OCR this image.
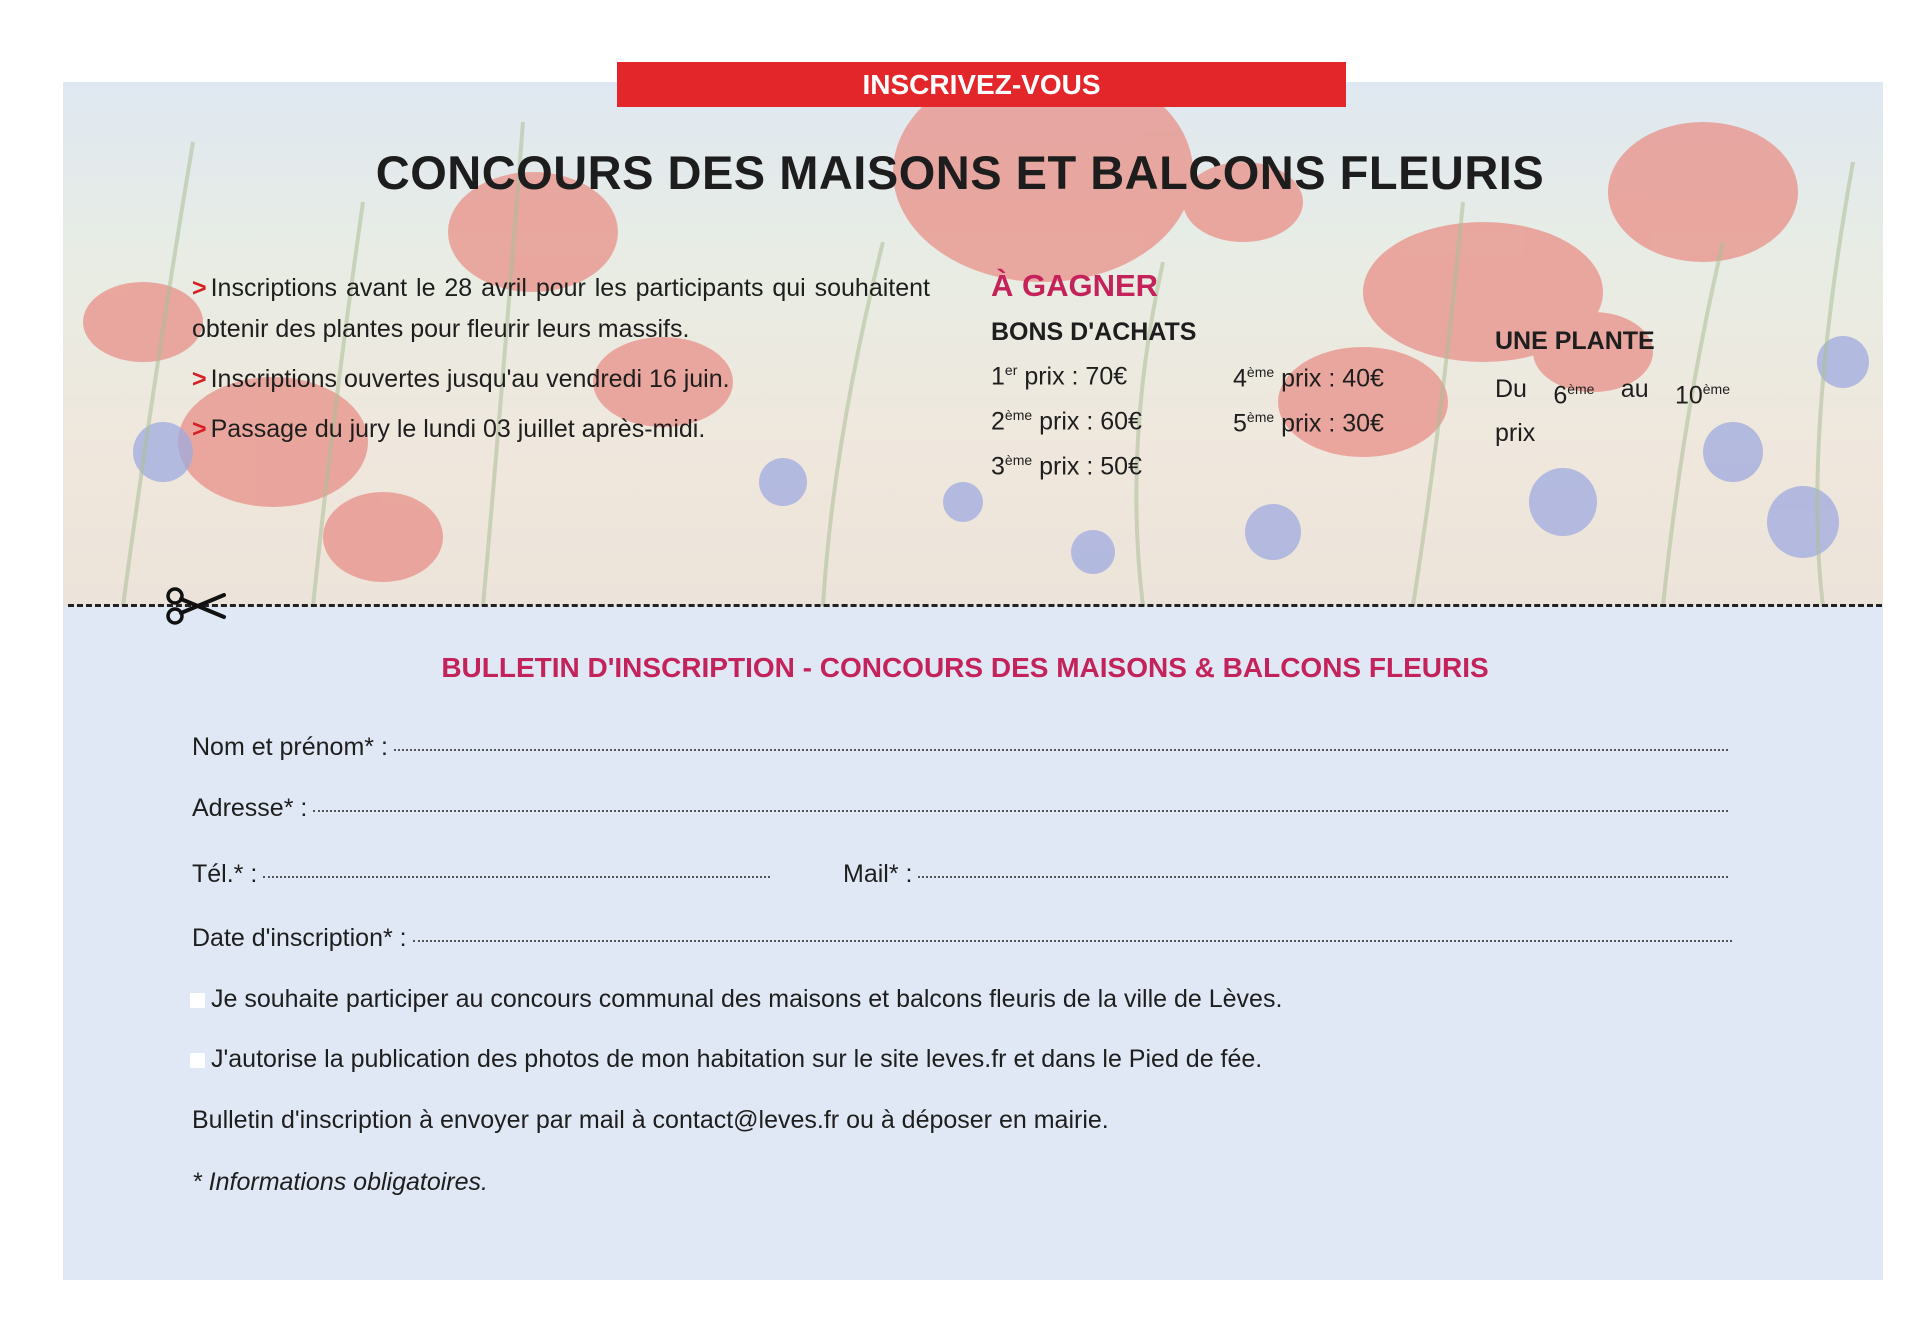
INSCRIVEZ-VOUS
CONCOURS DES MAISONS ET BALCONS FLEURIS

> Inscriptions avant le 28 avril pour les participants qui souhaitent obtenir des plantes pour fleurir leurs massifs.

> Inscriptions ouvertes jusqu'au vendredi 16 juin.

> Passage du jury le lundi 03 juillet après-midi.

À GAGNER
BONS D'ACHATS
1er prix : 70€
2ème prix : 60€
3ème prix : 50€
4ème prix : 40€
5ème prix : 30€
UNE PLANTE
Du 6ème au 10ème
prix
BULLETIN D'INSCRIPTION - CONCOURS DES MAISONS & BALCONS FLEURIS
Nom et prénom* :
Adresse* :
Tél.* :	Mail* :
Date d'inscription* :
Je souhaite participer au concours communal des maisons et balcons fleuris de la ville de Lèves.
J'autorise la publication des photos de mon habitation sur le site leves.fr et dans le Pied de fée.
Bulletin d'inscription à envoyer par mail à contact@leves.fr ou à déposer en mairie.
* Informations obligatoires.
